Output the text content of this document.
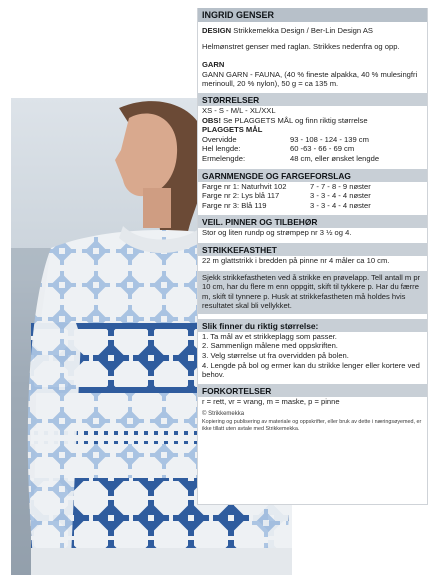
INGRID GENSER

DESIGN Strikkemekka Design / Ber-Lin Design AS

Helmønstret genser med raglan. Strikkes nedenfra og opp.

GARN

GANN GARN - FAUNA, (40 % fineste alpakka, 40 % mulesingfri merinoull, 20 % nylon), 50 g = ca 135 m.

STØRRELSER

XS - S - M/L - XL/XXL

OBS! Se PLAGGETS MÅL og finn riktig størrelse

PLAGGETS MÅL

Overvidde	93 - 108 - 124 - 139 cm
Hel lengde:	60 -63 - 66 - 69 cm
Ermelengde:	48 cm, eller ønsket lengde
GARNMENGDE OG FARGEFORSLAG
Farge nr 1: Naturhvit 102	7 - 7 - 8 - 9 nøster
Farge nr 2: Lys blå 117	3 - 3 - 4 - 4 nøster
Farge nr 3: Blå 119	3 - 3 - 4 - 4 nøster
VEIL. PINNER OG TILBEHØR

Stor og liten rundp og strømpep nr 3 ½ og 4.

STRIKKEFASTHET

22 m glattstrikk i bredden på pinne nr 4 måler ca 10 cm.

Sjekk strikkefastheten ved å strikke en prøvelapp. Tell antall m pr 10 cm, har du flere m enn oppgitt, skift til tykkere p. Har du færre m, skift til tynnere p. Husk at strikkefastheten må holdes hvis resultatet skal bli vellykket.

Slik finner du riktig størrelse:

1. Ta mål av et strikkeplagg som passer.

2. Sammenlign målene med oppskriften.

3. Velg størrelse ut fra overvidden på bolen.

4. Lengde på bol og ermer kan du strikke lenger eller kortere ved behov.

FORKORTELSER

r = rett, vr = vrang, m = maske, p = pinne

© Strikkemekka

Kopiering og publisering av materiale og oppskrifter, eller bruk av dette i næringsøyemed, er ikke tillatt uten avtale med Strikkemekka.
